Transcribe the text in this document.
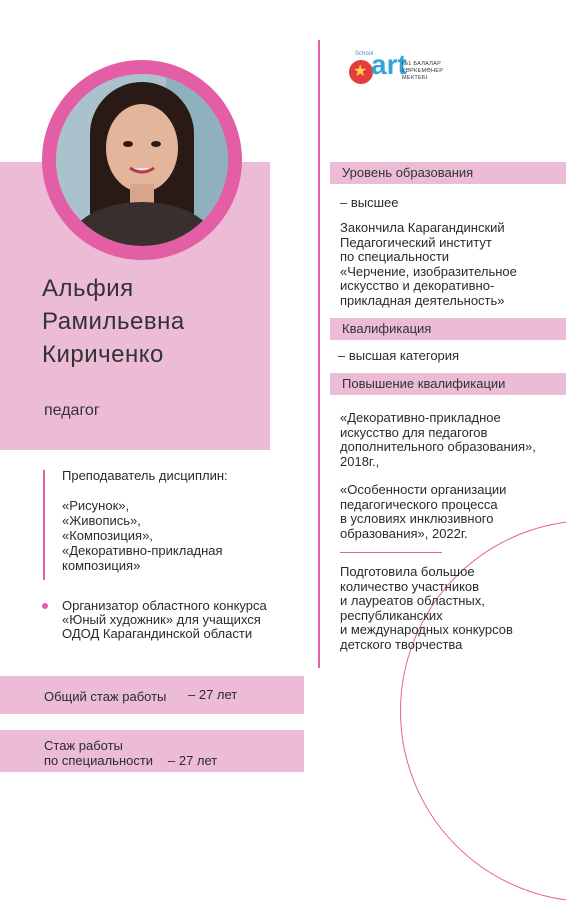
Альфия
Рамильевна
Кириченко
педагог
Преподаватель дисциплин:
«Рисунок»,
«Живопись»,
«Композиция»,
«Декоративно-прикладная
композиция»
Организатор областного конкурса
«Юный художник» для учащихся
ОДОД Карагандинской области
Общий стаж работы – 27 лет
Стаж работы
по специальности – 27 лет
School
★ art
№1 БАЛАЛАР
КӨРКЕМӨНЕР
МЕКТЕБІ
Уровень образования
– высшее
Закончила Карагандинский
Педагогический институт
по специальности
«Черчение, изобразительное
искусство и декоративно-
прикладная деятельность»
Квалификация
– высшая категория
Повышение квалификации
«Декоративно-прикладное
искусство для педагогов
дополнительного образования»,
2018г.,
«Особенности организации
педагогического процесса
в условиях инклюзивного
образования», 2022г.
Подготовила большое
количество участников
и лауреатов областных,
республиканских
и международных конкурсов
детского творчества
